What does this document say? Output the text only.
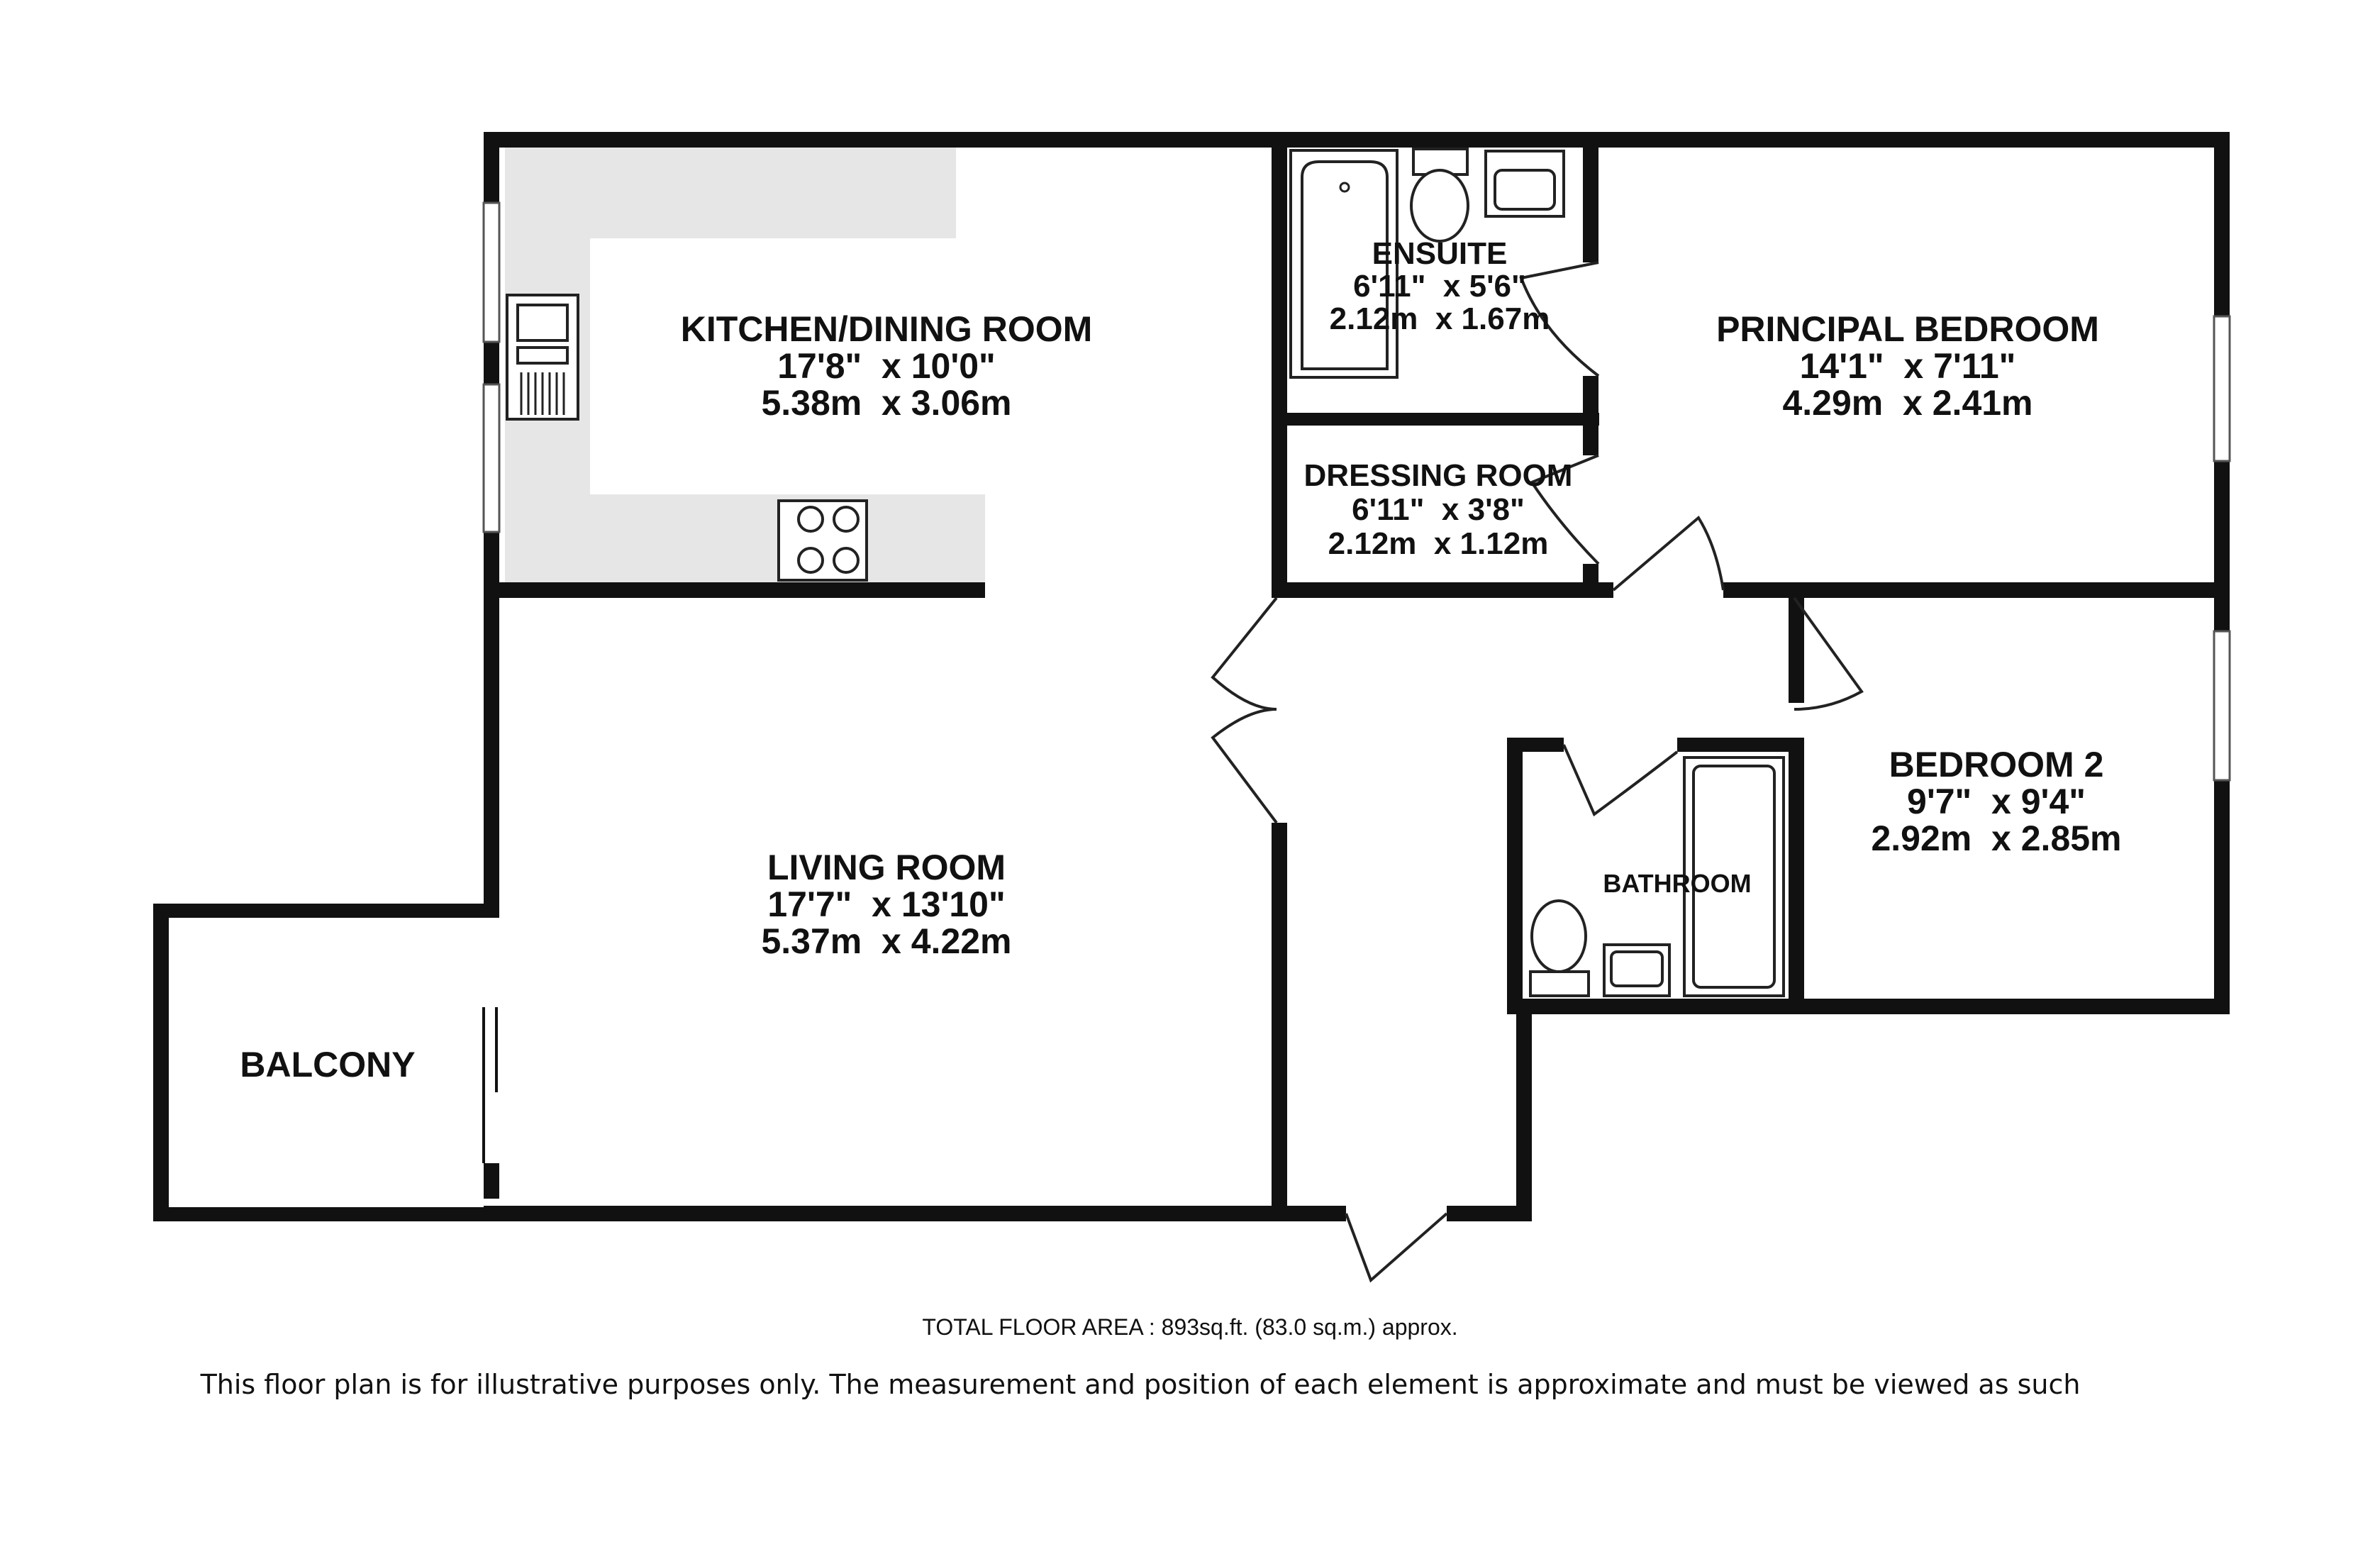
KITCHEN/DINING ROOM
17'8"  x 10'0"
5.38m  x 3.06m
ENSUITE
6'11"  x 5'6"
2.12m  x 1.67m	PRINCIPAL BEDROOM
14'1"  x 7'11"
4.29m  x 2.41m
DRESSING ROOM
6'11"  x 3'8"
2.12m  x 1.12m
LIVING ROOM
17'7"  x 13'10"
5.37m  x 4.22m
BEDROOM 2
9'7"  x 9'4"
2.92m  x 2.85m
BATHROOM
BALCONY
TOTAL FLOOR AREA : 893sq.ft. (83.0 sq.m.) approx.
This floor plan is for illustrative purposes only. The measurement and position of each element is approximate and must be viewed as such
